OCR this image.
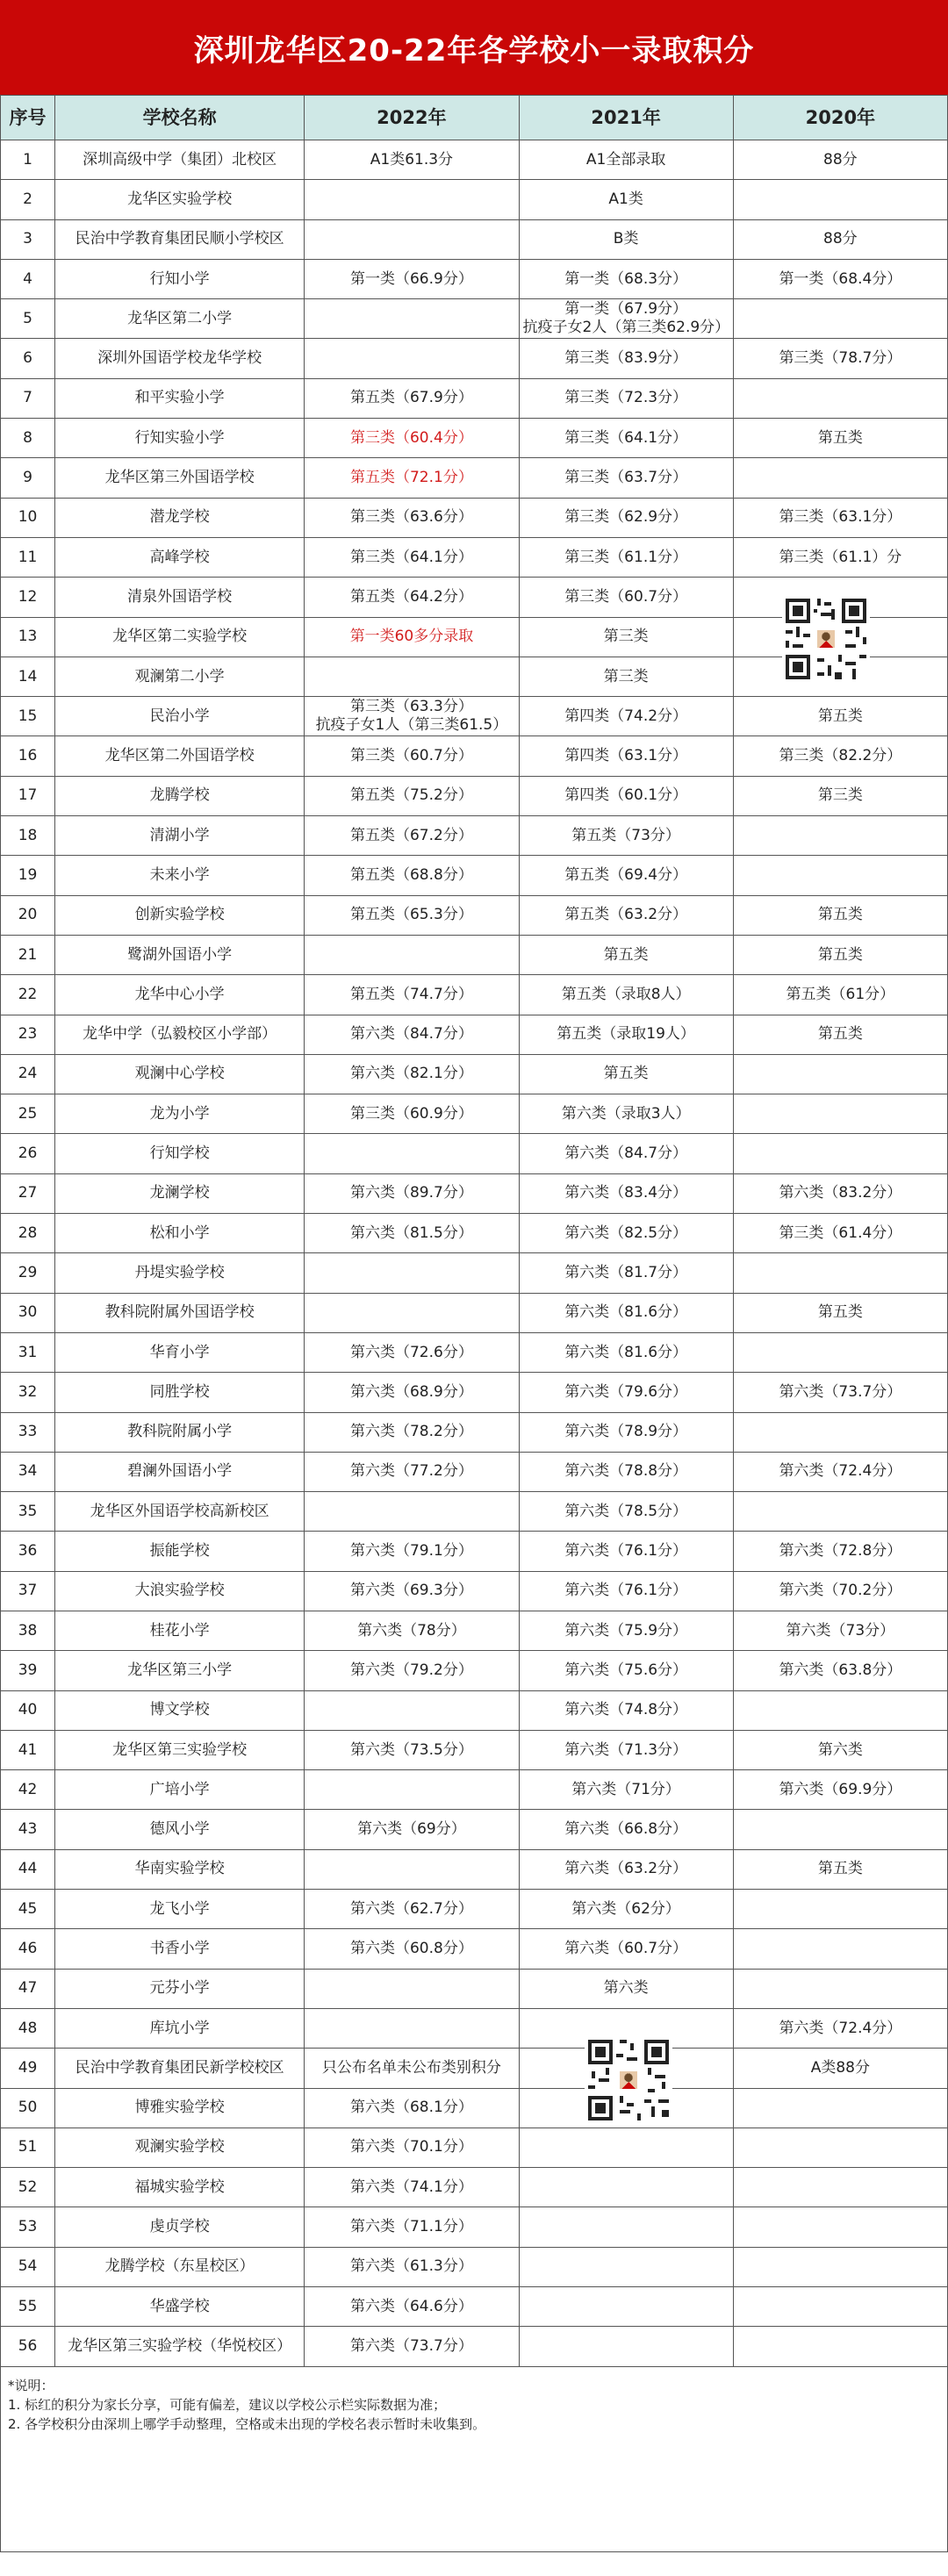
深圳龙华区20-22年各学校小一录取积分
序号	学校名称	2022年	2021年	2020年
1	深圳高级中学（集团）北校区	A1类61.3分	A1全部录取	88分
2	龙华区实验学校		A1类	
3	民治中学教育集团民顺小学校区		B类	88分
4	行知小学	第一类（66.9分）	第一类（68.3分）	第一类（68.4分）
5	龙华区第二小学		第一类（67.9分）
抗疫子女2人（第三类62.9分）	
6	深圳外国语学校龙华学校		第三类（83.9分）	第三类（78.7分）
7	和平实验小学	第五类（67.9分）	第三类（72.3分）	
8	行知实验小学	第三类（60.4分）	第三类（64.1分）	第五类
9	龙华区第三外国语学校	第五类（72.1分）	第三类（63.7分）	
10	潜龙学校	第三类（63.6分）	第三类（62.9分）	第三类（63.1分）
11	高峰学校	第三类（64.1分）	第三类（61.1分）	第三类（61.1）分
12	清泉外国语学校	第五类（64.2分）	第三类（60.7分）	
13	龙华区第二实验学校	第一类60多分录取	第三类	
14	观澜第二小学		第三类	
15	民治小学	第三类（63.3分）
抗疫子女1人（第三类61.5）	第四类（74.2分）	第五类
16	龙华区第二外国语学校	第三类（60.7分）	第四类（63.1分）	第三类（82.2分）
17	龙腾学校	第五类（75.2分）	第四类（60.1分）	第三类
18	清湖小学	第五类（67.2分）	第五类（73分）	
19	未来小学	第五类（68.8分）	第五类（69.4分）	
20	创新实验学校	第五类（65.3分）	第五类（63.2分）	第五类
21	鹭湖外国语小学		第五类	第五类
22	龙华中心小学	第五类（74.7分）	第五类（录取8人）	第五类（61分）
23	龙华中学（弘毅校区小学部）	第六类（84.7分）	第五类（录取19人）	第五类
24	观澜中心学校	第六类（82.1分）	第五类	
25	龙为小学	第三类（60.9分）	第六类（录取3人）	
26	行知学校		第六类（84.7分）	
27	龙澜学校	第六类（89.7分）	第六类（83.4分）	第六类（83.2分）
28	松和小学	第六类（81.5分）	第六类（82.5分）	第三类（61.4分）
29	丹堤实验学校		第六类（81.7分）	
30	教科院附属外国语学校		第六类（81.6分）	第五类
31	华育小学	第六类（72.6分）	第六类（81.6分）	
32	同胜学校	第六类（68.9分）	第六类（79.6分）	第六类（73.7分）
33	教科院附属小学	第六类（78.2分）	第六类（78.9分）	
34	碧澜外国语小学	第六类（77.2分）	第六类（78.8分）	第六类（72.4分）
35	龙华区外国语学校高新校区		第六类（78.5分）	
36	振能学校	第六类（79.1分）	第六类（76.1分）	第六类（72.8分）
37	大浪实验学校	第六类（69.3分）	第六类（76.1分）	第六类（70.2分）
38	桂花小学	第六类（78分）	第六类（75.9分）	第六类（73分）
39	龙华区第三小学	第六类（79.2分）	第六类（75.6分）	第六类（63.8分）
40	博文学校		第六类（74.8分）	
41	龙华区第三实验学校	第六类（73.5分）	第六类（71.3分）	第六类
42	广培小学		第六类（71分）	第六类（69.9分）
43	德风小学	第六类（69分）	第六类（66.8分）	
44	华南实验学校		第六类（63.2分）	第五类
45	龙飞小学	第六类（62.7分）	第六类（62分）	
46	书香小学	第六类（60.8分）	第六类（60.7分）	
47	元芬小学		第六类	
48	库坑小学			第六类（72.4分）
49	民治中学教育集团民新学校校区	只公布名单未公布类别积分		A类88分
50	博雅实验学校	第六类（68.1分）		
51	观澜实验学校	第六类（70.1分）		
52	福城实验学校	第六类（74.1分）		
53	虔贞学校	第六类（71.1分）		
54	龙腾学校（东星校区）	第六类（61.3分）		
55	华盛学校	第六类（64.6分）		
56	龙华区第三实验学校（华悦校区）	第六类（73.7分）		
*说明：
1. 标红的积分为家长分享，可能有偏差，建议以学校公示栏实际数据为准；
2. 各学校积分由深圳上哪学手动整理，空格或未出现的学校名表示暂时未收集到。
